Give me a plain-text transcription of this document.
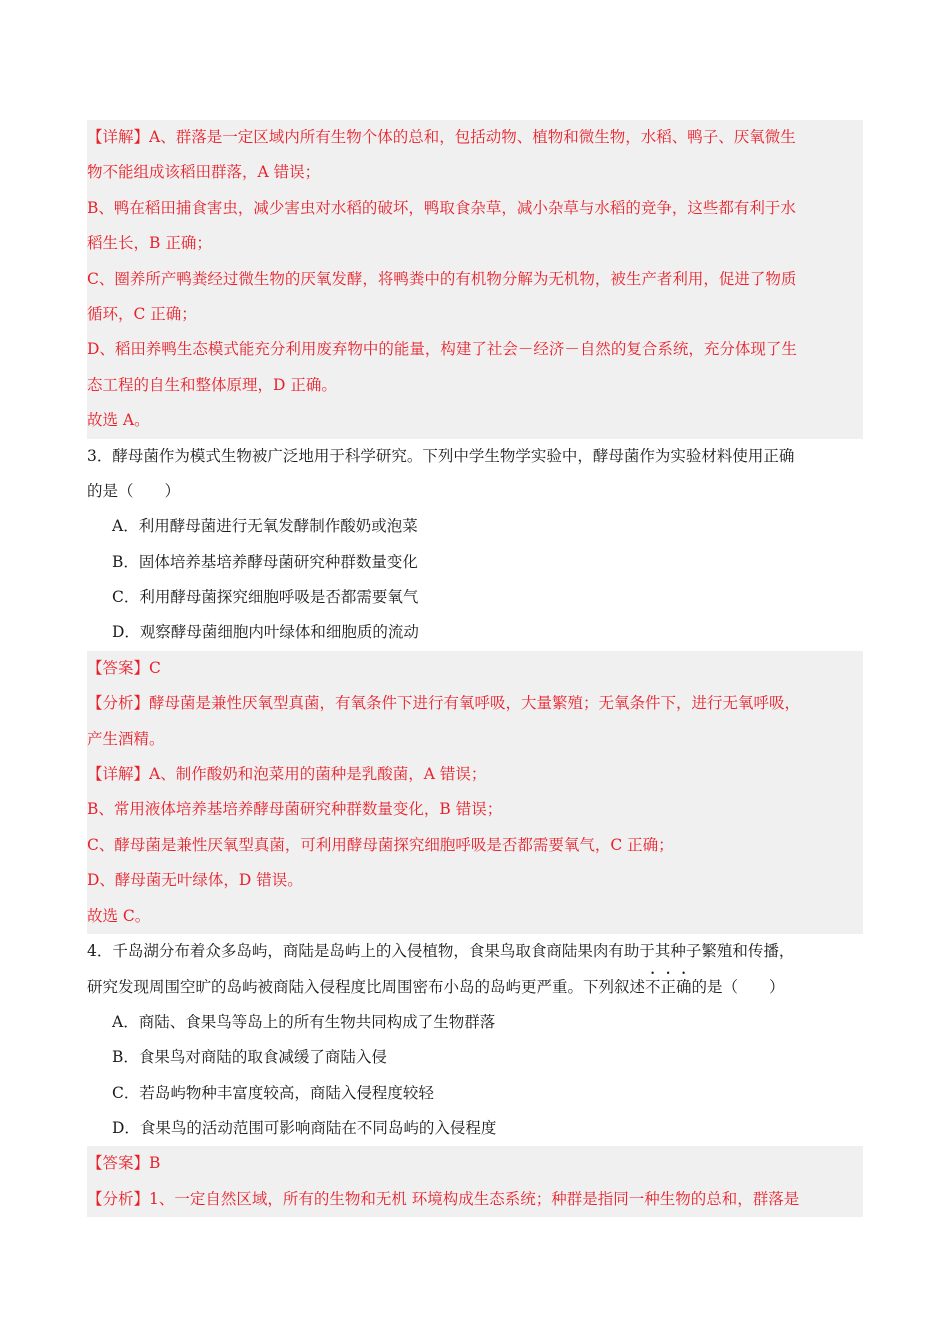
【详解】A、群落是一定区域内所有生物个体的总和，包括动物、植物和微生物，水稻、鸭子、厌氧微生
物不能组成该稻田群落，A 错误；
B、鸭在稻田捕食害虫，减少害虫对水稻的破坏，鸭取食杂草，减小杂草与水稻的竞争，这些都有利于水
稻生长，B 正确；
C、圈养所产鸭粪经过微生物的厌氧发酵，将鸭粪中的有机物分解为无机物，被生产者利用，促进了物质
循环，C 正确；
D、稻田养鸭生态模式能充分利用废弃物中的能量，构建了社会－经济－自然的复合系统，充分体现了生
态工程的自生和整体原理，D 正确。
故选 A。
3．酵母菌作为模式生物被广泛地用于科学研究。下列中学生物学实验中，酵母菌作为实验材料使用正确
的是（　　）
A．利用酵母菌进行无氧发酵制作酸奶或泡菜
B．固体培养基培养酵母菌研究种群数量变化
C．利用酵母菌探究细胞呼吸是否都需要氧气
D．观察酵母菌细胞内叶绿体和细胞质的流动
【答案】C
【分析】酵母菌是兼性厌氧型真菌，有氧条件下进行有氧呼吸，大量繁殖；无氧条件下，进行无氧呼吸，
产生酒精。
【详解】A、制作酸奶和泡菜用的菌种是乳酸菌，A 错误；
B、常用液体培养基培养酵母菌研究种群数量变化，B 错误；
C、酵母菌是兼性厌氧型真菌，可利用酵母菌探究细胞呼吸是否都需要氧气，C 正确；
D、酵母菌无叶绿体，D 错误。
故选 C。
4．千岛湖分布着众多岛屿，商陆是岛屿上的入侵植物，食果鸟取食商陆果肉有助于其种子繁殖和传播，
研究发现周围空旷的岛屿被商陆入侵程度比周围密布小岛的岛屿更严重。下列叙述不正确的是（　　）
A．商陆、食果鸟等岛上的所有生物共同构成了生物群落
B．食果鸟对商陆的取食减缓了商陆入侵
C．若岛屿物种丰富度较高，商陆入侵程度较轻
D．食果鸟的活动范围可影响商陆在不同岛屿的入侵程度
【答案】B
【分析】1、一定自然区域，所有的生物和无机 环境构成生态系统；种群是指同一种生物的总和，群落是
